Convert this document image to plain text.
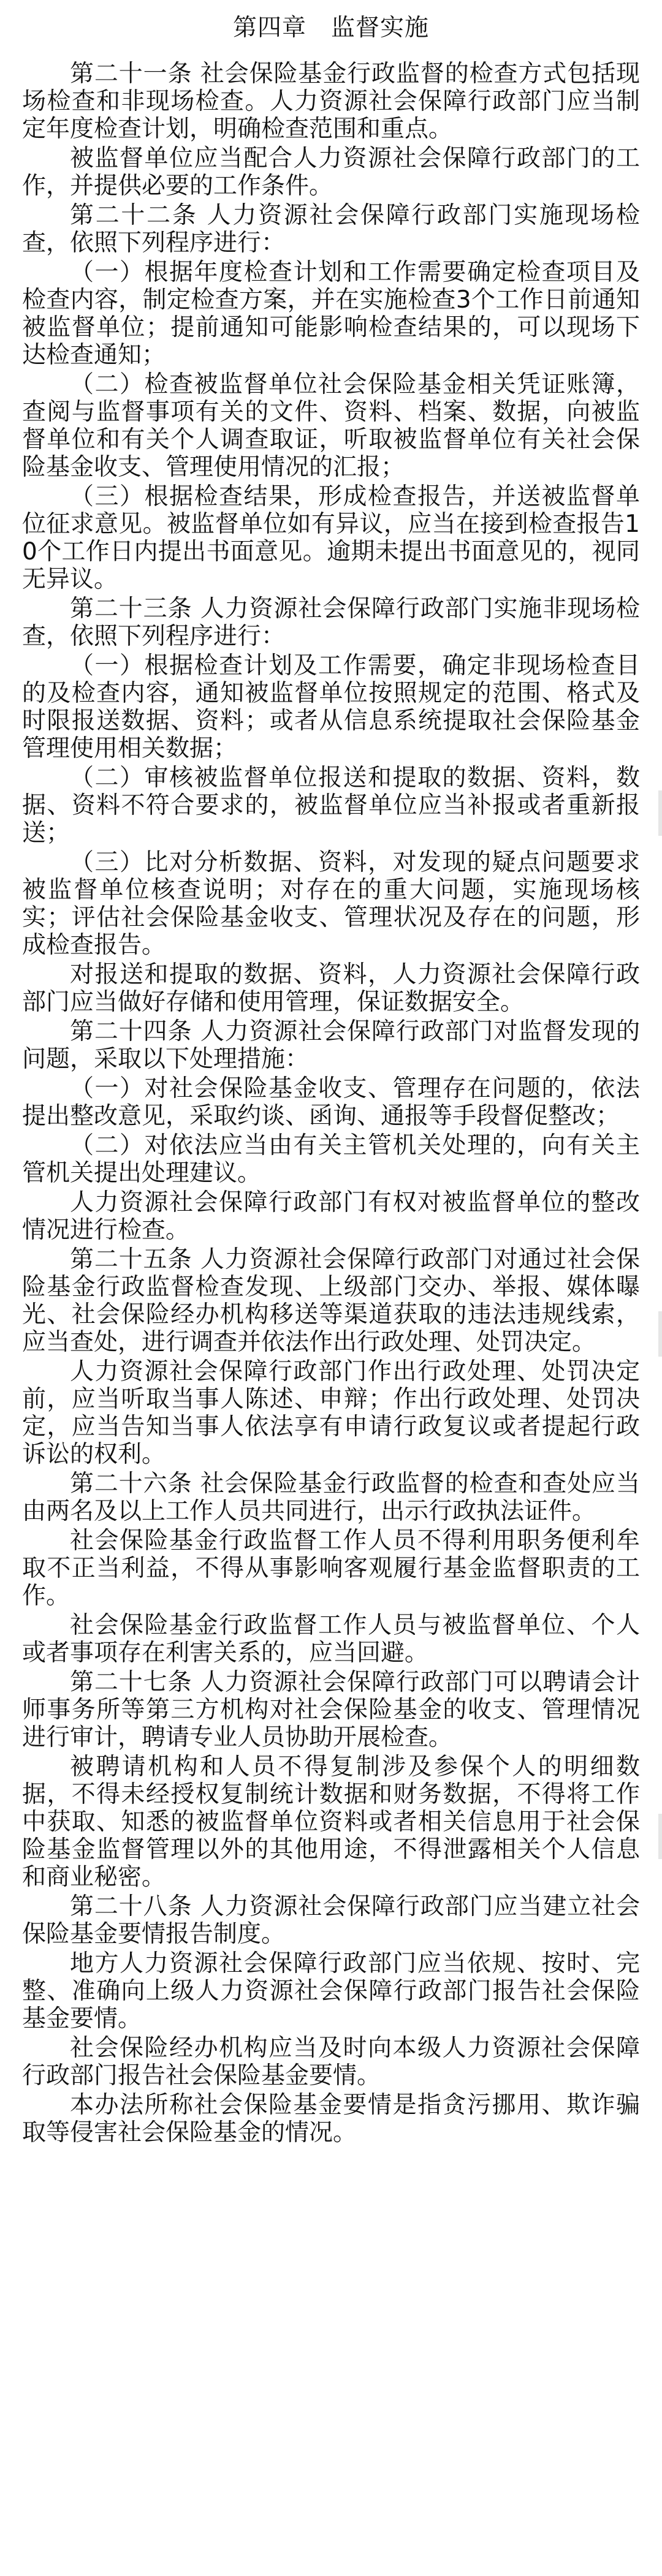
第四章　监督实施

第二十一条 社会保险基金行政监督的检查方式包括现场检查和非现场检查。人力资源社会保障行政部门应当制定年度检查计划，明确检查范围和重点。

被监督单位应当配合人力资源社会保障行政部门的工作，并提供必要的工作条件。

第二十二条 人力资源社会保障行政部门实施现场检查，依照下列程序进行：

（一）根据年度检查计划和工作需要确定检查项目及检查内容，制定检查方案，并在实施检查3个工作日前通知被监督单位；提前通知可能影响检查结果的，可以现场下达检查通知；

（二）检查被监督单位社会保险基金相关凭证账簿，查阅与监督事项有关的文件、资料、档案、数据，向被监督单位和有关个人调查取证，听取被监督单位有关社会保险基金收支、管理使用情况的汇报；

（三）根据检查结果，形成检查报告，并送被监督单位征求意见。被监督单位如有异议，应当在接到检查报告10个工作日内提出书面意见。逾期未提出书面意见的，视同无异议。

第二十三条 人力资源社会保障行政部门实施非现场检查，依照下列程序进行：

（一）根据检查计划及工作需要，确定非现场检查目的及检查内容，通知被监督单位按照规定的范围、格式及时限报送数据、资料；或者从信息系统提取社会保险基金管理使用相关数据；

（二）审核被监督单位报送和提取的数据、资料，数据、资料不符合要求的，被监督单位应当补报或者重新报送；

（三）比对分析数据、资料，对发现的疑点问题要求被监督单位核查说明；对存在的重大问题，实施现场核实；评估社会保险基金收支、管理状况及存在的问题，形成检查报告。

对报送和提取的数据、资料，人力资源社会保障行政部门应当做好存储和使用管理，保证数据安全。

第二十四条 人力资源社会保障行政部门对监督发现的问题，采取以下处理措施：

（一）对社会保险基金收支、管理存在问题的，依法提出整改意见，采取约谈、函询、通报等手段督促整改；

（二）对依法应当由有关主管机关处理的，向有关主管机关提出处理建议。

人力资源社会保障行政部门有权对被监督单位的整改情况进行检查。

第二十五条 人力资源社会保障行政部门对通过社会保险基金行政监督检查发现、上级部门交办、举报、媒体曝光、社会保险经办机构移送等渠道获取的违法违规线索，应当查处，进行调查并依法作出行政处理、处罚决定。

人力资源社会保障行政部门作出行政处理、处罚决定前，应当听取当事人陈述、申辩；作出行政处理、处罚决定，应当告知当事人依法享有申请行政复议或者提起行政诉讼的权利。

第二十六条 社会保险基金行政监督的检查和查处应当由两名及以上工作人员共同进行，出示行政执法证件。

社会保险基金行政监督工作人员不得利用职务便利牟取不正当利益，不得从事影响客观履行基金监督职责的工作。

社会保险基金行政监督工作人员与被监督单位、个人或者事项存在利害关系的，应当回避。

第二十七条 人力资源社会保障行政部门可以聘请会计师事务所等第三方机构对社会保险基金的收支、管理情况进行审计，聘请专业人员协助开展检查。

被聘请机构和人员不得复制涉及参保个人的明细数据，不得未经授权复制统计数据和财务数据，不得将工作中获取、知悉的被监督单位资料或者相关信息用于社会保险基金监督管理以外的其他用途，不得泄露相关个人信息和商业秘密。

第二十八条 人力资源社会保障行政部门应当建立社会保险基金要情报告制度。

地方人力资源社会保障行政部门应当依规、按时、完整、准确向上级人力资源社会保障行政部门报告社会保险基金要情。

社会保险经办机构应当及时向本级人力资源社会保障行政部门报告社会保险基金要情。

本办法所称社会保险基金要情是指贪污挪用、欺诈骗取等侵害社会保险基金的情况。
